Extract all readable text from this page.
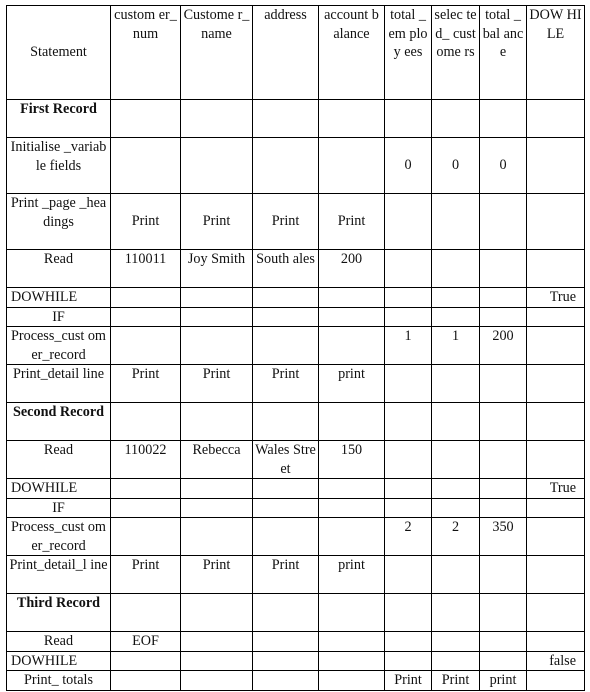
Statement	custom er_num	Custome r_name	address	account balance	total _em ploy ees	selec ted_ cust ome rs	total _bal ance	DOW HILE
First Record								
Initialise _variable fields					0	0	0	
Print _page _headings	Print	Print	Print	Print				
Read	110011	Joy Smith	South ales	200				
DOWHILE								True
IF								
Process_cust omer_record					1	1	200	
Print_detail line	Print	Print	Print	print				
Second Record								
Read	110022	Rebecca	Wales Street	150				
DOWHILE								True
IF								
Process_cust omer_record					2	2	350	
Print_detail_l ine	Print	Print	Print	print				
Third Record								
Read	EOF							
DOWHILE								false
Print_ totals					Print	Print	print	
